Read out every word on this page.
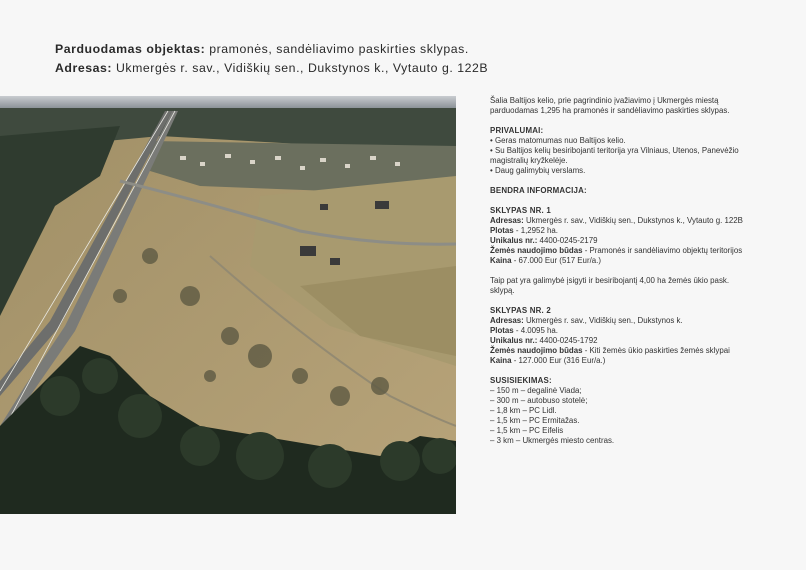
Parduodamas objektas: pramonės, sandėliavimo paskirties sklypas.
Adresas: Ukmergės r. sav., Vidiškių sen., Dukstynos k., Vytauto g. 122B
Šalia Baltijos kelio, prie pagrindinio įvažiavimo į Ukmergės miestą
parduodamas 1,295 ha pramonės ir sandėliavimo paskirties sklypas.
PRIVALUMAI:
• Geras matomumas nuo Baltijos kelio.
• Su Baltijos kelių besiribojanti teritorija yra Vilniaus, Utenos, Panevėžio
magistralių kryžkelėje.
• Daug galimybių verslams.
BENDRA INFORMACIJA:
SKLYPAS NR. 1
Adresas: Ukmergės r. sav., Vidiškių sen., Dukstynos k., Vytauto g. 122B
Plotas - 1,2952 ha.
Unikalus nr.: 4400-0245-2179
Žemės naudojimo būdas - Pramonės ir sandėliavimo objektų teritorijos
Kaina - 67.000 Eur (517 Eur/a.)
Taip pat yra galimybė įsigyti ir besiribojantį 4,00 ha žemės ūkio pask.
sklypą.
SKLYPAS NR. 2
Adresas: Ukmergės r. sav., Vidiškių sen., Dukstynos k.
Plotas - 4.0095 ha.
Unikalus nr.: 4400-0245-1792
Žemės naudojimo būdas - Kiti žemės ūkio paskirties žemės sklypai
Kaina - 127.000 Eur (316 Eur/a.)
SUSISIEKIMAS:
– 150 m – degalinė Viada;
– 300 m – autobuso stotelė;
– 1,8 km – PC Lidl.
– 1,5 km – PC Ermitažas.
– 1,5 km – PC Eifelis
– 3 km – Ukmergės miesto centras.
